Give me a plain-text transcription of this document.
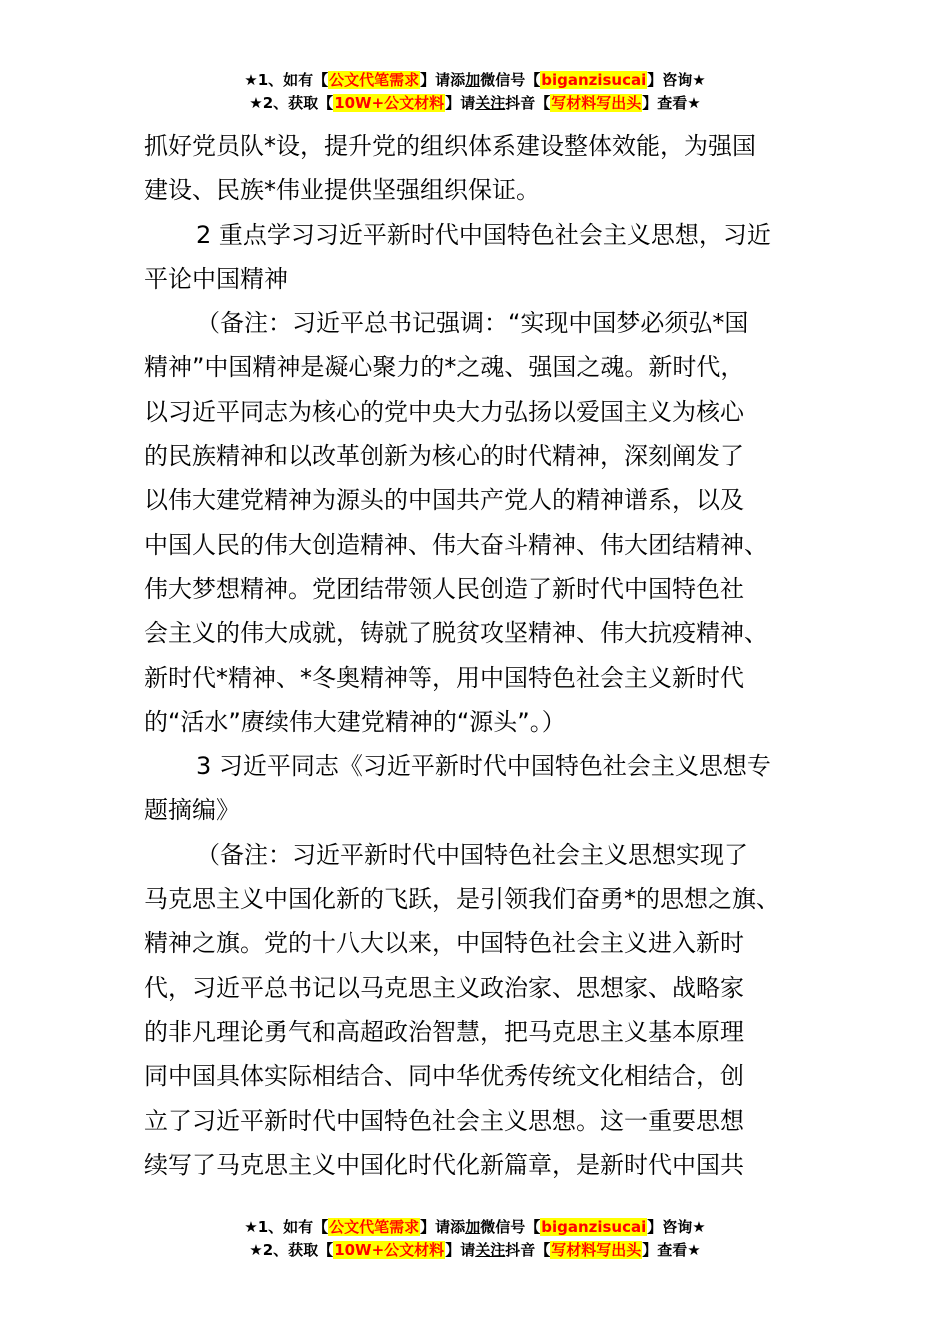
★1、如有【公文代笔需求】请添加微信号【biganzisucai】咨询★
★2、获取【10W+公文材料】请关注抖音【写材料写出头】查看★

抓好党员队*设，提升党的组织体系建设整体效能，为强国

建设、民族*伟业提供坚强组织保证。

2 重点学习习近平新时代中国特色社会主义思想，习近

平论中国精神

（备注：习近平总书记强调：“实现中国梦必须弘*国

精神”中国精神是凝心聚力的*之魂、强国之魂。新时代，

以习近平同志为核心的党中央大力弘扬以爱国主义为核心

的民族精神和以改革创新为核心的时代精神，深刻阐发了

以伟大建党精神为源头的中国共产党人的精神谱系，以及

中国人民的伟大创造精神、伟大奋斗精神、伟大团结精神、

伟大梦想精神。党团结带领人民创造了新时代中国特色社

会主义的伟大成就，铸就了脱贫攻坚精神、伟大抗疫精神、

新时代*精神、*冬奥精神等，用中国特色社会主义新时代

的“活水”赓续伟大建党精神的“源头”。）

3 习近平同志《习近平新时代中国特色社会主义思想专

题摘编》

（备注：习近平新时代中国特色社会主义思想实现了

马克思主义中国化新的飞跃，是引领我们奋勇*的思想之旗、

精神之旗。党的十八大以来，中国特色社会主义进入新时

代，习近平总书记以马克思主义政治家、思想家、战略家

的非凡理论勇气和高超政治智慧，把马克思主义基本原理

同中国具体实际相结合、同中华优秀传统文化相结合，创

立了习近平新时代中国特色社会主义思想。这一重要思想

续写了马克思主义中国化时代化新篇章，是新时代中国共

★1、如有【公文代笔需求】请添加微信号【biganzisucai】咨询★
★2、获取【10W+公文材料】请关注抖音【写材料写出头】查看★
